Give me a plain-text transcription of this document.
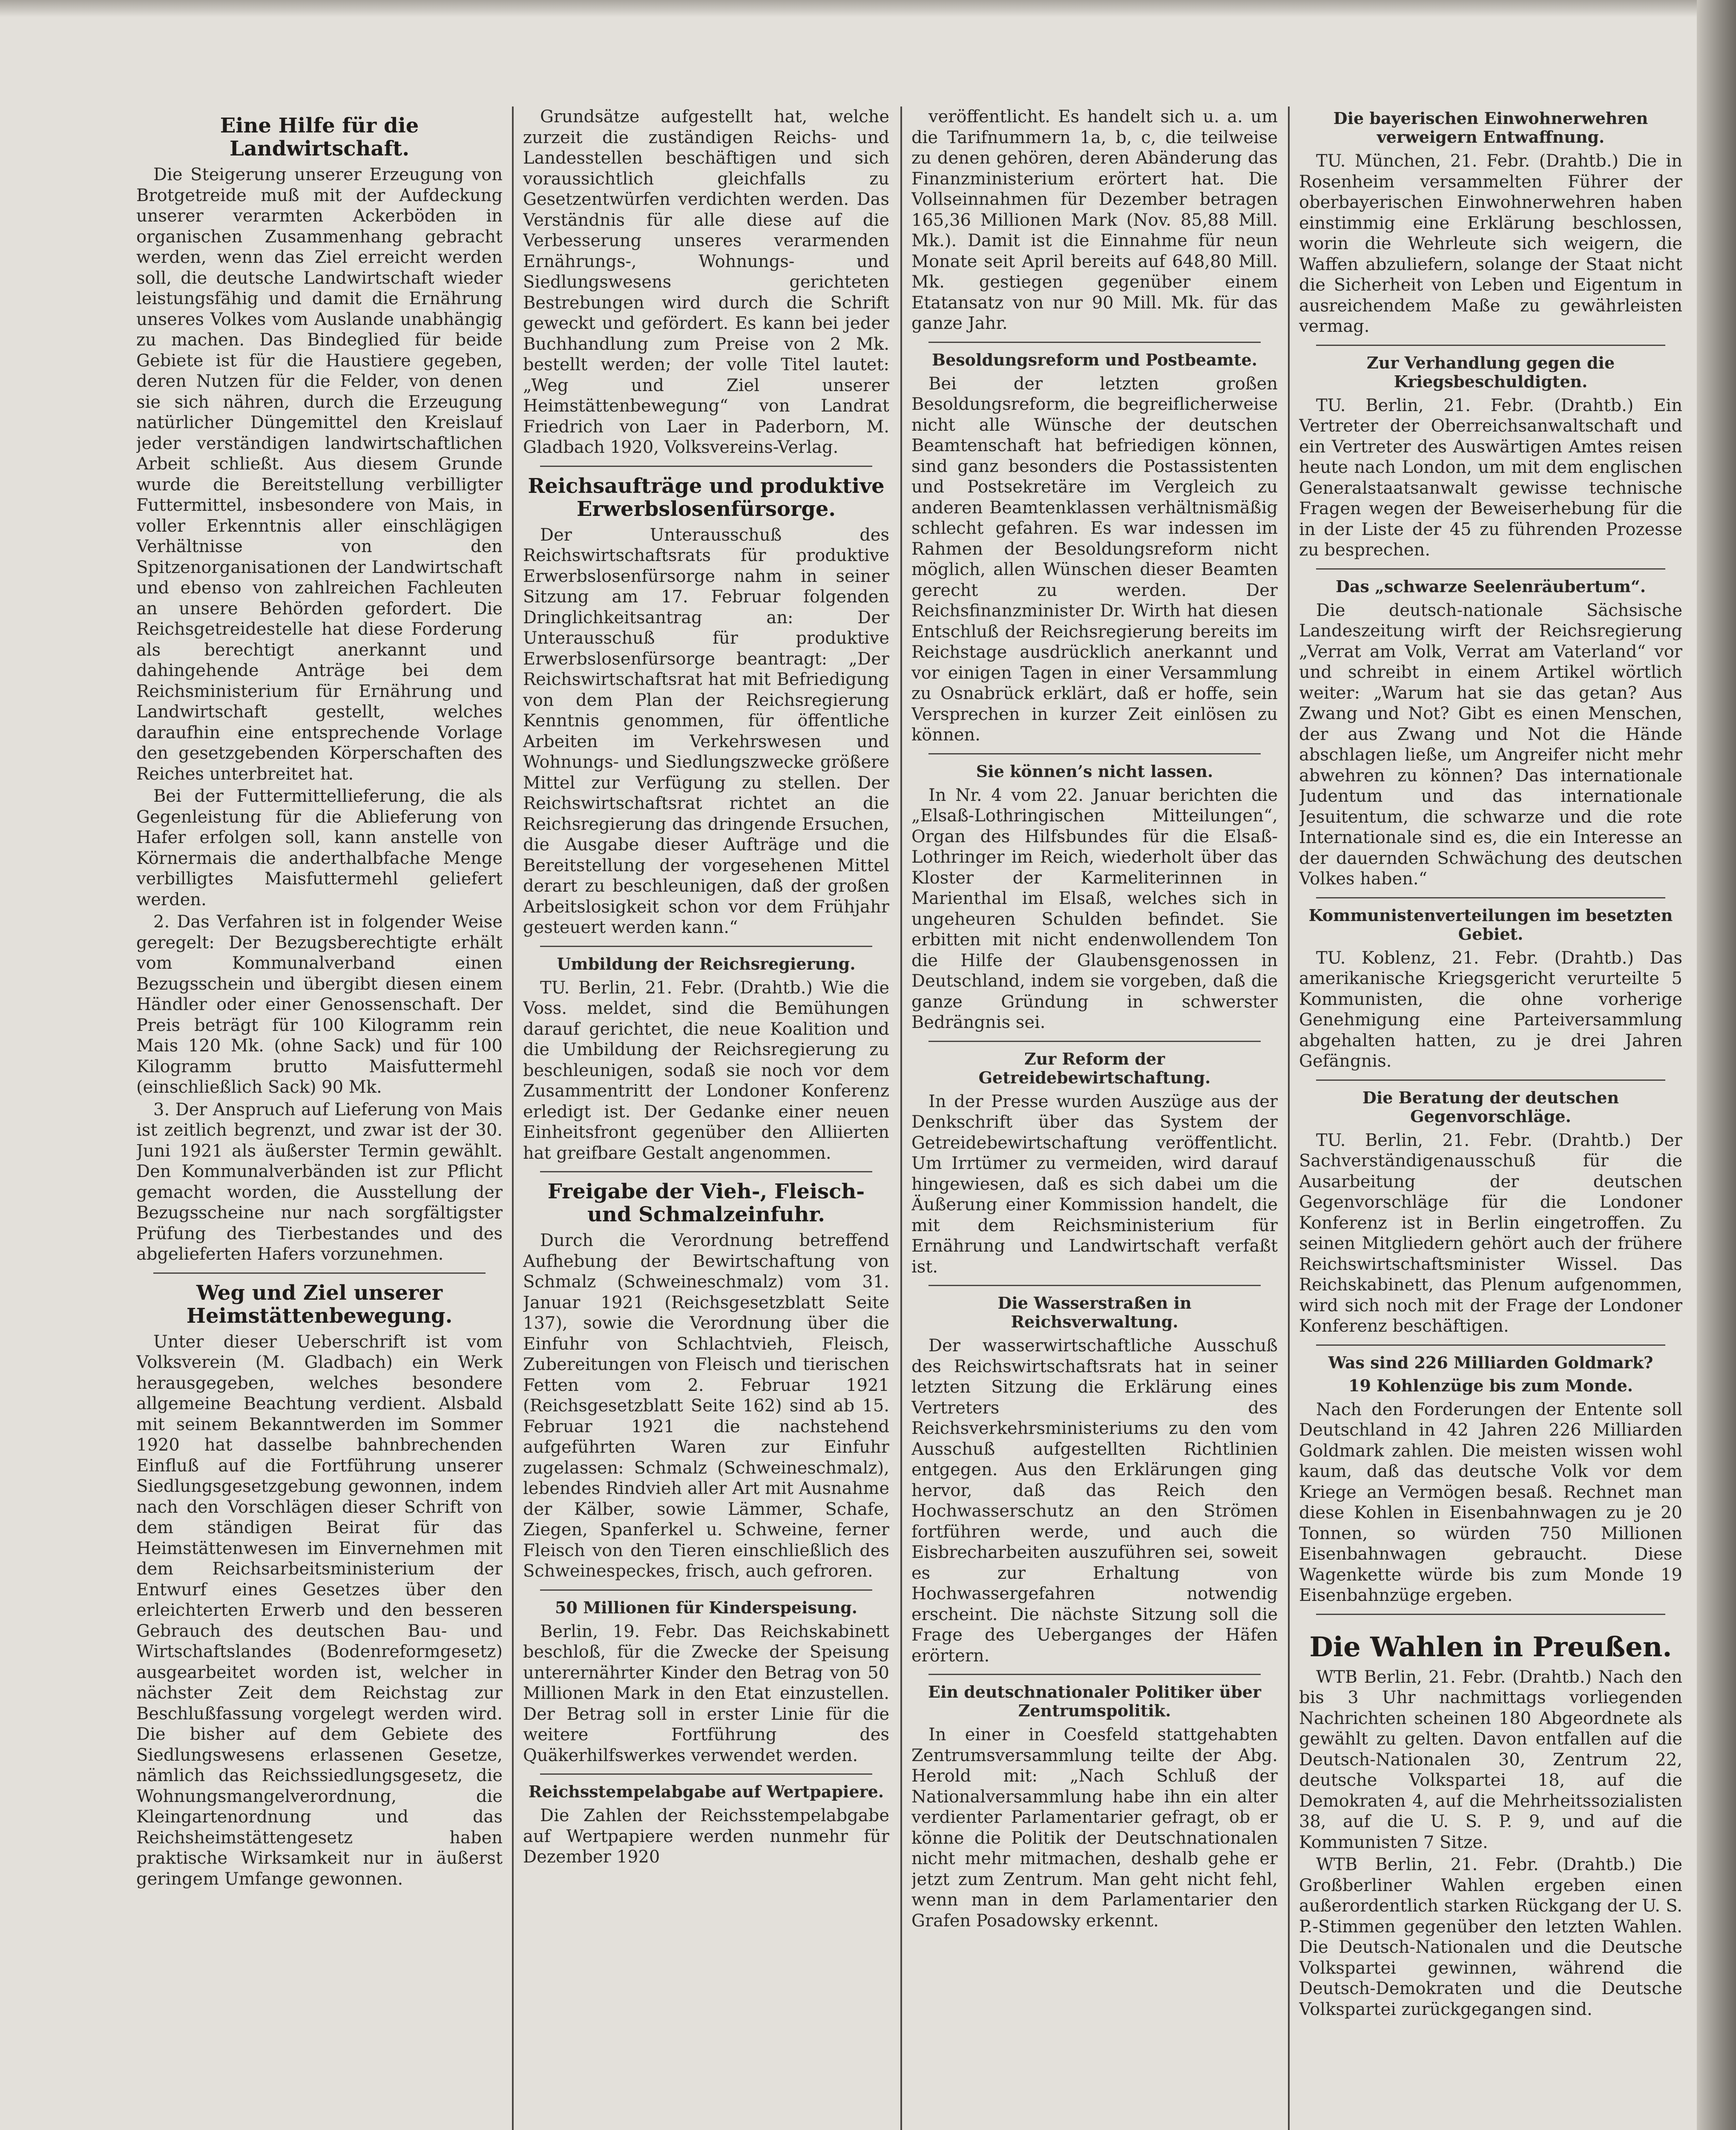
Eine Hilfe für die Landwirtschaft.

Die Steigerung unserer Erzeugung von Brotgetreide muß mit der Aufdeckung unserer verarmten Ackerböden in organischen Zusammenhang gebracht werden, wenn das Ziel erreicht werden soll, die deutsche Landwirtschaft wieder leistungsfähig und damit die Ernährung unseres Volkes vom Auslande unabhängig zu machen. Das Bindeglied für beide Gebiete ist für die Haustiere gegeben, deren Nutzen für die Felder, von denen sie sich nähren, durch die Erzeugung natürlicher Düngemittel den Kreislauf jeder verständigen landwirtschaftlichen Arbeit schließt. Aus diesem Grunde wurde die Bereitstellung verbilligter Futtermittel, insbesondere von Mais, in voller Erkenntnis aller einschlägigen Verhältnisse von den Spitzenorganisationen der Landwirtschaft und ebenso von zahlreichen Fachleuten an unsere Behörden gefordert. Die Reichsgetreidestelle hat diese Forderung als berechtigt anerkannt und dahingehende Anträge bei dem Reichsministerium für Ernährung und Landwirtschaft gestellt, welches daraufhin eine entsprechende Vorlage den gesetzgebenden Körperschaften des Reiches unterbreitet hat.

Bei der Futtermittellieferung, die als Gegenleistung für die Ablieferung von Hafer erfolgen soll, kann anstelle von Körnermais die anderthalbfache Menge verbilligtes Maisfuttermehl geliefert werden.

2. Das Verfahren ist in folgender Weise geregelt: Der Bezugsberechtigte erhält vom Kommunalverband einen Bezugsschein und übergibt diesen einem Händler oder einer Genossenschaft. Der Preis beträgt für 100 Kilogramm rein Mais 120 Mk. (ohne Sack) und für 100 Kilogramm brutto Maisfuttermehl (einschließlich Sack) 90 Mk.

3. Der Anspruch auf Lieferung von Mais ist zeitlich begrenzt, und zwar ist der 30. Juni 1921 als äußerster Termin gewählt. Den Kommunalverbänden ist zur Pflicht gemacht worden, die Ausstellung der Bezugsscheine nur nach sorgfältigster Prüfung des Tierbestandes und des abgelieferten Hafers vorzunehmen.

Weg und Ziel unserer Heimstättenbewegung.

Unter dieser Ueberschrift ist vom Volksverein (M. Gladbach) ein Werk herausgegeben, welches besondere allgemeine Beachtung verdient. Alsbald mit seinem Bekanntwerden im Sommer 1920 hat dasselbe bahnbrechenden Einfluß auf die Fortführung unserer Siedlungsgesetzgebung gewonnen, indem nach den Vorschlägen dieser Schrift von dem ständigen Beirat für das Heimstättenwesen im Einvernehmen mit dem Reichsarbeitsministerium der Entwurf eines Gesetzes über den erleichterten Erwerb und den besseren Gebrauch des deutschen Bau- und Wirtschaftslandes (Bodenreformgesetz) ausgearbeitet worden ist, welcher in nächster Zeit dem Reichstag zur Beschlußfassung vorgelegt werden wird. Die bisher auf dem Gebiete des Siedlungswesens erlassenen Gesetze, nämlich das Reichssiedlungsgesetz, die Wohnungsmangelverordnung, die Kleingartenordnung und das Reichsheimstättengesetz haben praktische Wirksamkeit nur in äußerst geringem Umfange gewonnen.

Grundsätze aufgestellt hat, welche zurzeit die zuständigen Reichs- und Landesstellen beschäftigen und sich voraussichtlich gleichfalls zu Gesetzentwürfen verdichten werden. Das Verständnis für alle diese auf die Verbesserung unseres verarmenden Ernährungs-, Wohnungs- und Siedlungswesens gerichteten Bestrebungen wird durch die Schrift geweckt und gefördert. Es kann bei jeder Buchhandlung zum Preise von 2 Mk. bestellt werden; der volle Titel lautet: „Weg und Ziel unserer Heimstättenbewegung“ von Landrat Friedrich von Laer in Paderborn, M. Gladbach 1920, Volksvereins-Verlag.

Reichsaufträge und produktive Erwerbslosenfürsorge.

Der Unterausschuß des Reichswirtschaftsrats für produktive Erwerbslosenfürsorge nahm in seiner Sitzung am 17. Februar folgenden Dringlichkeitsantrag an: Der Unterausschuß für produktive Erwerbslosenfürsorge beantragt: „Der Reichswirtschaftsrat hat mit Befriedigung von dem Plan der Reichsregierung Kenntnis genommen, für öffentliche Arbeiten im Verkehrswesen und Wohnungs- und Siedlungszwecke größere Mittel zur Verfügung zu stellen. Der Reichswirtschaftsrat richtet an die Reichsregierung das dringende Ersuchen, die Ausgabe dieser Aufträge und die Bereitstellung der vorgesehenen Mittel derart zu beschleunigen, daß der großen Arbeitslosigkeit schon vor dem Frühjahr gesteuert werden kann.“

Umbildung der Reichsregierung.

TU. Berlin, 21. Febr. (Drahtb.) Wie die Voss. meldet, sind die Bemühungen darauf gerichtet, die neue Koalition und die Umbildung der Reichsregierung zu beschleunigen, sodaß sie noch vor dem Zusammentritt der Londoner Konferenz erledigt ist. Der Gedanke einer neuen Einheitsfront gegenüber den Alliierten hat greifbare Gestalt angenommen.

Freigabe der Vieh-, Fleisch- und Schmalzeinfuhr.

Durch die Verordnung betreffend Aufhebung der Bewirtschaftung von Schmalz (Schweineschmalz) vom 31. Januar 1921 (Reichsgesetzblatt Seite 137), sowie die Verordnung über die Einfuhr von Schlachtvieh, Fleisch, Zubereitungen von Fleisch und tierischen Fetten vom 2. Februar 1921 (Reichsgesetzblatt Seite 162) sind ab 15. Februar 1921 die nachstehend aufgeführten Waren zur Einfuhr zugelassen: Schmalz (Schweineschmalz), lebendes Rindvieh aller Art mit Ausnahme der Kälber, sowie Lämmer, Schafe, Ziegen, Spanferkel u. Schweine, ferner Fleisch von den Tieren einschließlich des Schweinespeckes, frisch, auch gefroren.

50 Millionen für Kinderspeisung.

Berlin, 19. Febr. Das Reichskabinett beschloß, für die Zwecke der Speisung unterernährter Kinder den Betrag von 50 Millionen Mark in den Etat einzustellen. Der Betrag soll in erster Linie für die weitere Fortführung des Quäkerhilfswerkes verwendet werden.

Reichsstempelabgabe auf Wertpapiere.

Die Zahlen der Reichsstempelabgabe auf Wertpapiere werden nunmehr für Dezember 1920

veröffentlicht. Es handelt sich u. a. um die Tarifnummern 1a, b, c, die teilweise zu denen gehören, deren Abänderung das Finanzministerium erörtert hat. Die Vollseinnahmen für Dezember betragen 165,36 Millionen Mark (Nov. 85,88 Mill. Mk.). Damit ist die Einnahme für neun Monate seit April bereits auf 648,80 Mill. Mk. gestiegen gegenüber einem Etatansatz von nur 90 Mill. Mk. für das ganze Jahr.

Besoldungsreform und Postbeamte.

Bei der letzten großen Besoldungsreform, die begreiflicherweise nicht alle Wünsche der deutschen Beamtenschaft hat befriedigen können, sind ganz besonders die Postassistenten und Postsekretäre im Vergleich zu anderen Beamtenklassen verhältnismäßig schlecht gefahren. Es war indessen im Rahmen der Besoldungsreform nicht möglich, allen Wünschen dieser Beamten gerecht zu werden. Der Reichsfinanzminister Dr. Wirth hat diesen Entschluß der Reichsregierung bereits im Reichstage ausdrücklich anerkannt und vor einigen Tagen in einer Versammlung zu Osnabrück erklärt, daß er hoffe, sein Versprechen in kurzer Zeit einlösen zu können.

Sie können’s nicht lassen.

In Nr. 4 vom 22. Januar berichten die „Elsaß-Lothringischen Mitteilungen“, Organ des Hilfsbundes für die Elsaß-Lothringer im Reich, wiederholt über das Kloster der Karmeliterinnen in Marienthal im Elsaß, welches sich in ungeheuren Schulden befindet. Sie erbitten mit nicht endenwollendem Ton die Hilfe der Glaubensgenossen in Deutschland, indem sie vorgeben, daß die ganze Gründung in schwerster Bedrängnis sei.

Zur Reform der Getreidebewirtschaftung.

In der Presse wurden Auszüge aus der Denkschrift über das System der Getreidebewirtschaftung veröffentlicht. Um Irrtümer zu vermeiden, wird darauf hingewiesen, daß es sich dabei um die Äußerung einer Kommission handelt, die mit dem Reichsministerium für Ernährung und Landwirtschaft verfaßt ist.

Die Wasserstraßen in Reichsverwaltung.

Der wasserwirtschaftliche Ausschuß des Reichswirtschaftsrats hat in seiner letzten Sitzung die Erklärung eines Vertreters des Reichsverkehrsministeriums zu den vom Ausschuß aufgestellten Richtlinien entgegen. Aus den Erklärungen ging hervor, daß das Reich den Hochwasserschutz an den Strömen fortführen werde, und auch die Eisbrecharbeiten auszuführen sei, soweit es zur Erhaltung von Hochwassergefahren notwendig erscheint. Die nächste Sitzung soll die Frage des Ueberganges der Häfen erörtern.

Ein deutschnationaler Politiker über Zentrumspolitik.

In einer in Coesfeld stattgehabten Zentrumsversammlung teilte der Abg. Herold mit: „Nach Schluß der Nationalversammlung habe ihn ein alter verdienter Parlamentarier gefragt, ob er könne die Politik der Deutschnationalen nicht mehr mitmachen, deshalb gehe er jetzt zum Zentrum. Man geht nicht fehl, wenn man in dem Parlamentarier den Grafen Posadowsky erkennt.

Die bayerischen Einwohnerwehren verweigern Entwaffnung.

TU. München, 21. Febr. (Drahtb.) Die in Rosenheim versammelten Führer der oberbayerischen Einwohnerwehren haben einstimmig eine Erklärung beschlossen, worin die Wehrleute sich weigern, die Waffen abzuliefern, solange der Staat nicht die Sicherheit von Leben und Eigentum in ausreichendem Maße zu gewährleisten vermag.

Zur Verhandlung gegen die Kriegsbeschuldigten.

TU. Berlin, 21. Febr. (Drahtb.) Ein Vertreter der Oberreichsanwaltschaft und ein Vertreter des Auswärtigen Amtes reisen heute nach London, um mit dem englischen Generalstaatsanwalt gewisse technische Fragen wegen der Beweiserhebung für die in der Liste der 45 zu führenden Prozesse zu besprechen.

Das „schwarze Seelenräubertum“.

Die deutsch-nationale Sächsische Landeszeitung wirft der Reichsregierung „Verrat am Volk, Verrat am Vaterland“ vor und schreibt in einem Artikel wörtlich weiter: „Warum hat sie das getan? Aus Zwang und Not? Gibt es einen Menschen, der aus Zwang und Not die Hände abschlagen ließe, um Angreifer nicht mehr abwehren zu können? Das internationale Judentum und das internationale Jesuitentum, die schwarze und die rote Internationale sind es, die ein Interesse an der dauernden Schwächung des deutschen Volkes haben.“

Kommunistenverteilungen im besetzten Gebiet.

TU. Koblenz, 21. Febr. (Drahtb.) Das amerikanische Kriegsgericht verurteilte 5 Kommunisten, die ohne vorherige Genehmigung eine Parteiversammlung abgehalten hatten, zu je drei Jahren Gefängnis.

Die Beratung der deutschen Gegenvorschläge.

TU. Berlin, 21. Febr. (Drahtb.) Der Sachverständigenausschuß für die Ausarbeitung der deutschen Gegenvorschläge für die Londoner Konferenz ist in Berlin eingetroffen. Zu seinen Mitgliedern gehört auch der frühere Reichswirtschaftsminister Wissel. Das Reichskabinett, das Plenum aufgenommen, wird sich noch mit der Frage der Londoner Konferenz beschäftigen.

Was sind 226 Milliarden Goldmark?
19 Kohlenzüge bis zum Monde.

Nach den Forderungen der Entente soll Deutschland in 42 Jahren 226 Milliarden Goldmark zahlen. Die meisten wissen wohl kaum, daß das deutsche Volk vor dem Kriege an Vermögen besaß. Rechnet man diese Kohlen in Eisenbahnwagen zu je 20 Tonnen, so würden 750 Millionen Eisenbahnwagen gebraucht. Diese Wagenkette würde bis zum Monde 19 Eisenbahnzüge ergeben.

Die Wahlen in Preußen.

WTB Berlin, 21. Febr. (Drahtb.) Nach den bis 3 Uhr nachmittags vorliegenden Nachrichten scheinen 180 Abgeordnete als gewählt zu gelten. Davon entfallen auf die Deutsch-Nationalen 30, Zentrum 22, deutsche Volkspartei 18, auf die Demokraten 4, auf die Mehrheitssozialisten 38, auf die U. S. P. 9, und auf die Kommunisten 7 Sitze.

WTB Berlin, 21. Febr. (Drahtb.) Die Großberliner Wahlen ergeben einen außerordentlich starken Rückgang der U. S. P.-Stimmen gegenüber den letzten Wahlen. Die Deutsch-Nationalen und die Deutsche Volkspartei gewinnen, während die Deutsch-Demokraten und die Deutsche Volkspartei zurückgegangen sind.
